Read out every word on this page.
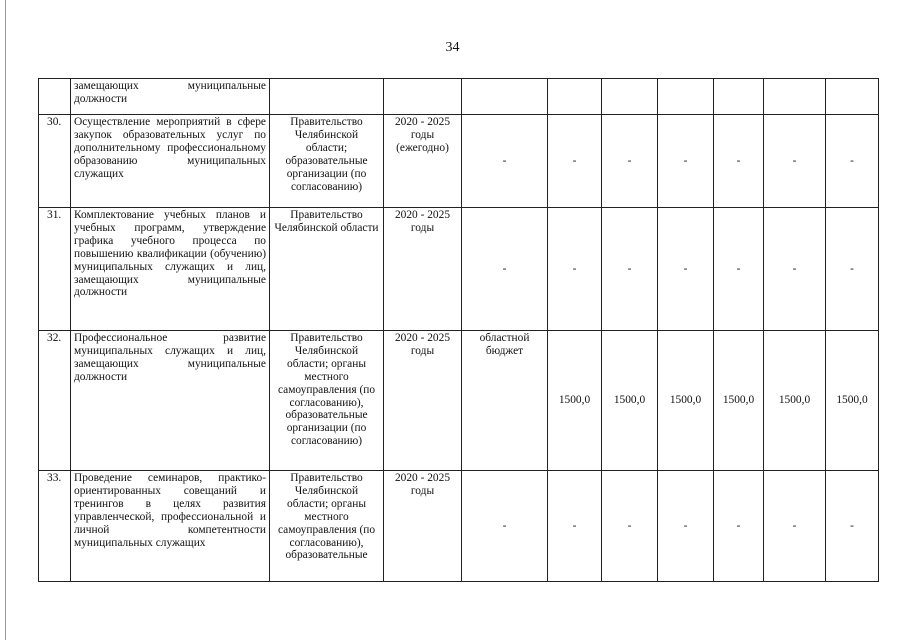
34
	замещающих муниципальные должности									
30.	Осуществление мероприятий в сфере закупок образовательных услуг по дополнительному профессиональному образованию муниципальных служащих	Правительство Челябинской области; образовательные организации (по согласованию)	2020 - 2025 годы (ежегодно)	-	-	-	-	-	-	-
31.	Комплектование учебных планов и учебных программ, утверждение графика учебного процесса по повышению квалификации (обучению) муниципальных служащих и лиц, замещающих муниципальные должности	Правительство Челябинской области	2020 - 2025 годы	-	-	-	-	-	-	-
32.	Профессиональное развитие муниципальных служащих и лиц, замещающих муниципальные должности	Правительство Челябинской области; органы местного самоуправления (по согласованию), образовательные организации (по согласованию)	2020 - 2025 годы	областной бюджет	1500,0	1500,0	1500,0	1500,0	1500,0	1500,0
33.	Проведение семинаров, практико-ориентированных совещаний и тренингов в целях развития управленческой, профессиональной и личной компетентности муниципальных служащих	Правительство Челябинской области; органы местного самоуправления (по согласованию), образовательные	2020 - 2025 годы	-	-	-	-	-	-	-
